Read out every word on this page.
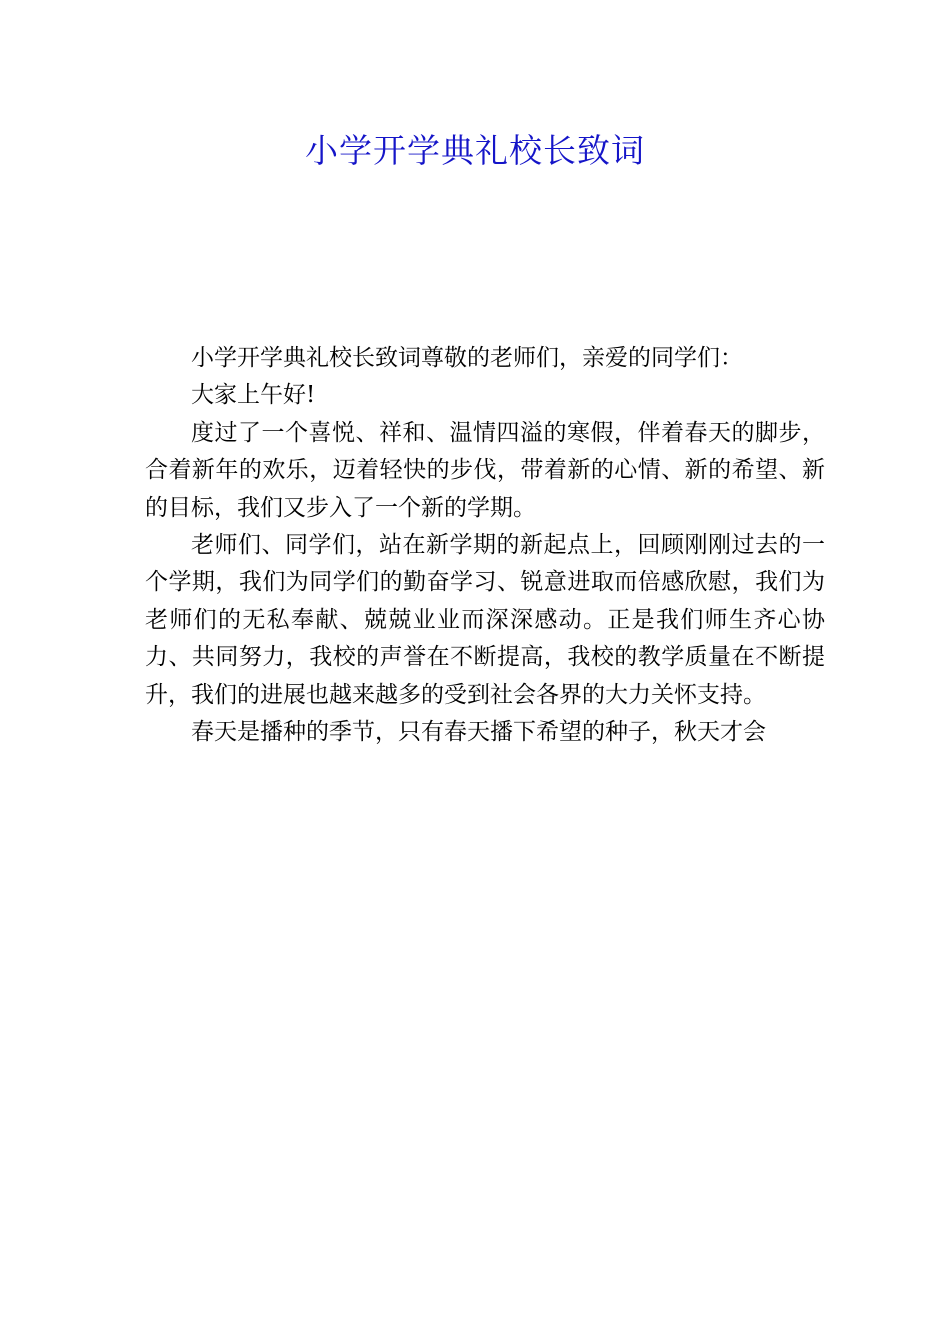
小学开学典礼校长致词

小学开学典礼校长致词尊敬的老师们，亲爱的同学们：

大家上午好!

度过了一个喜悦、祥和、温情四溢的寒假，伴着春天的脚步，合着新年的欢乐，迈着轻快的步伐，带着新的心情、新的希望、新的目标，我们又步入了一个新的学期。

老师们、同学们，站在新学期的新起点上，回顾刚刚过去的一个学期，我们为同学们的勤奋学习、锐意进取而倍感欣慰，我们为老师们的无私奉献、兢兢业业而深深感动。正是我们师生齐心协力、共同努力，我校的声誉在不断提高，我校的教学质量在不断提升，我们的进展也越来越多的受到社会各界的大力关怀支持。

春天是播种的季节，只有春天播下希望的种子，秋天才会
